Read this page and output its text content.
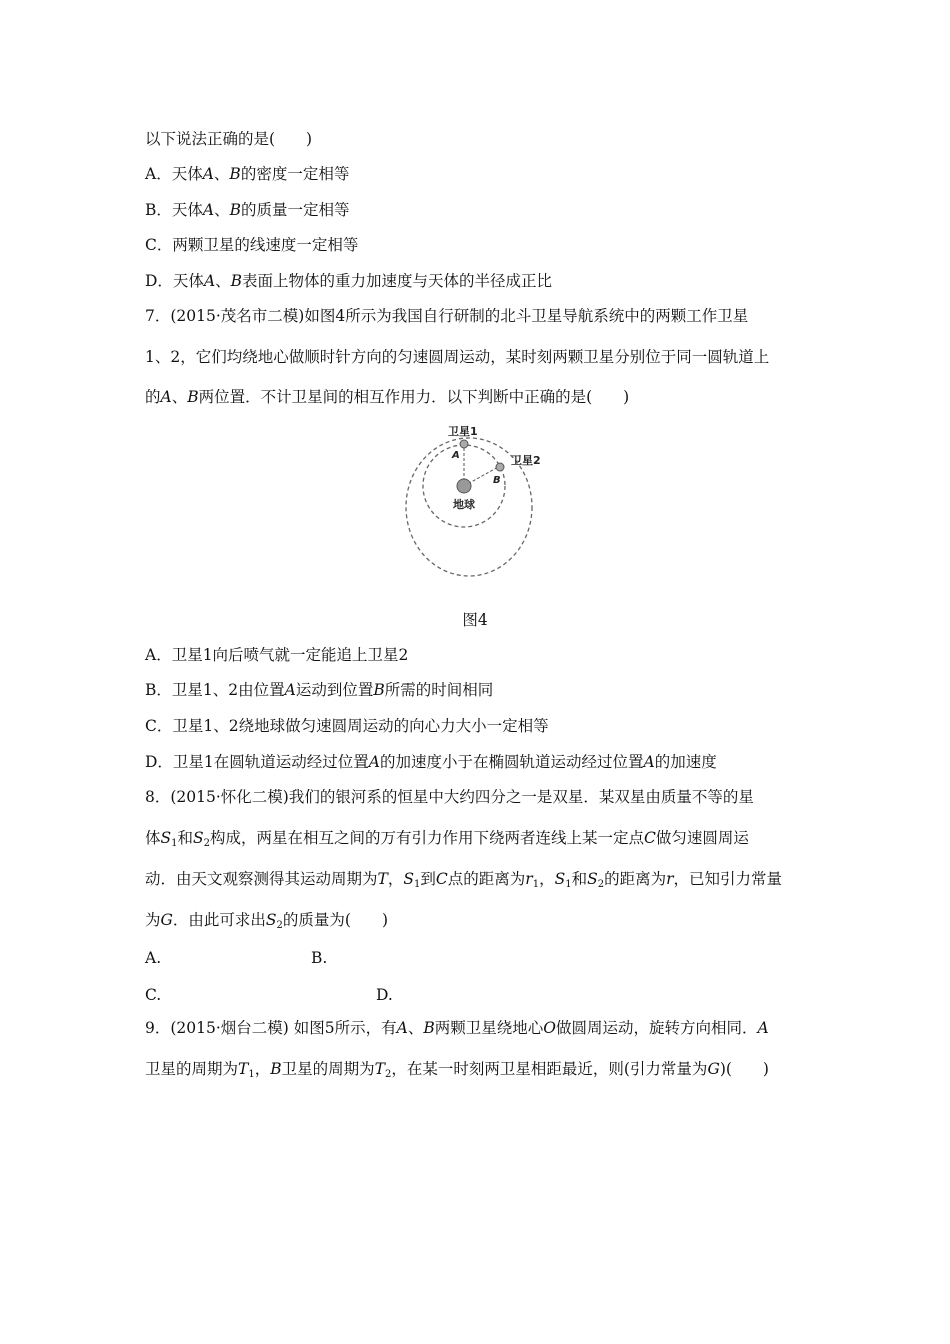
以下说法正确的是(　　)
A．天体A、B的密度一定相等
B．天体A、B的质量一定相等
C．两颗卫星的线速度一定相等
D．天体A、B表面上物体的重力加速度与天体的半径成正比
7．(2015·茂名市二模)如图4所示为我国自行研制的北斗卫星导航系统中的两颗工作卫星
1、2，它们均绕地心做顺时针方向的匀速圆周运动，某时刻两颗卫星分别位于同一圆轨道上
的A、B两位置．不计卫星间的相互作用力．以下判断中正确的是(　　)
卫星1
卫星2
A
B
地球
图4
A．卫星1向后喷气就一定能追上卫星2
B．卫星1、2由位置A运动到位置B所需的时间相同
C．卫星1、2绕地球做匀速圆周运动的向心力大小一定相等
D．卫星1在圆轨道运动经过位置A的加速度小于在椭圆轨道运动经过位置A的加速度
8．(2015·怀化二模)我们的银河系的恒星中大约四分之一是双星．某双星由质量不等的星
体$S_1$和$S_2$构成，两星在相互之间的万有引力作用下绕两者连线上某一定点C做匀速圆周运
动．由天文观察测得其运动周期为T，$S_1$到C点的距离为$r_1$，$S_1$和$S_2$的距离为r，已知引力常量
为G．由此可求出$S_2$的质量为(　　)
A.	B.
C.	D.
9．(2015·烟台二模) 如图5所示，有A、B两颗卫星绕地心O做圆周运动，旋转方向相同．A
卫星的周期为$T_1$，B卫星的周期为$T_2$，在某一时刻两卫星相距最近，则(引力常量为G)(　　)
